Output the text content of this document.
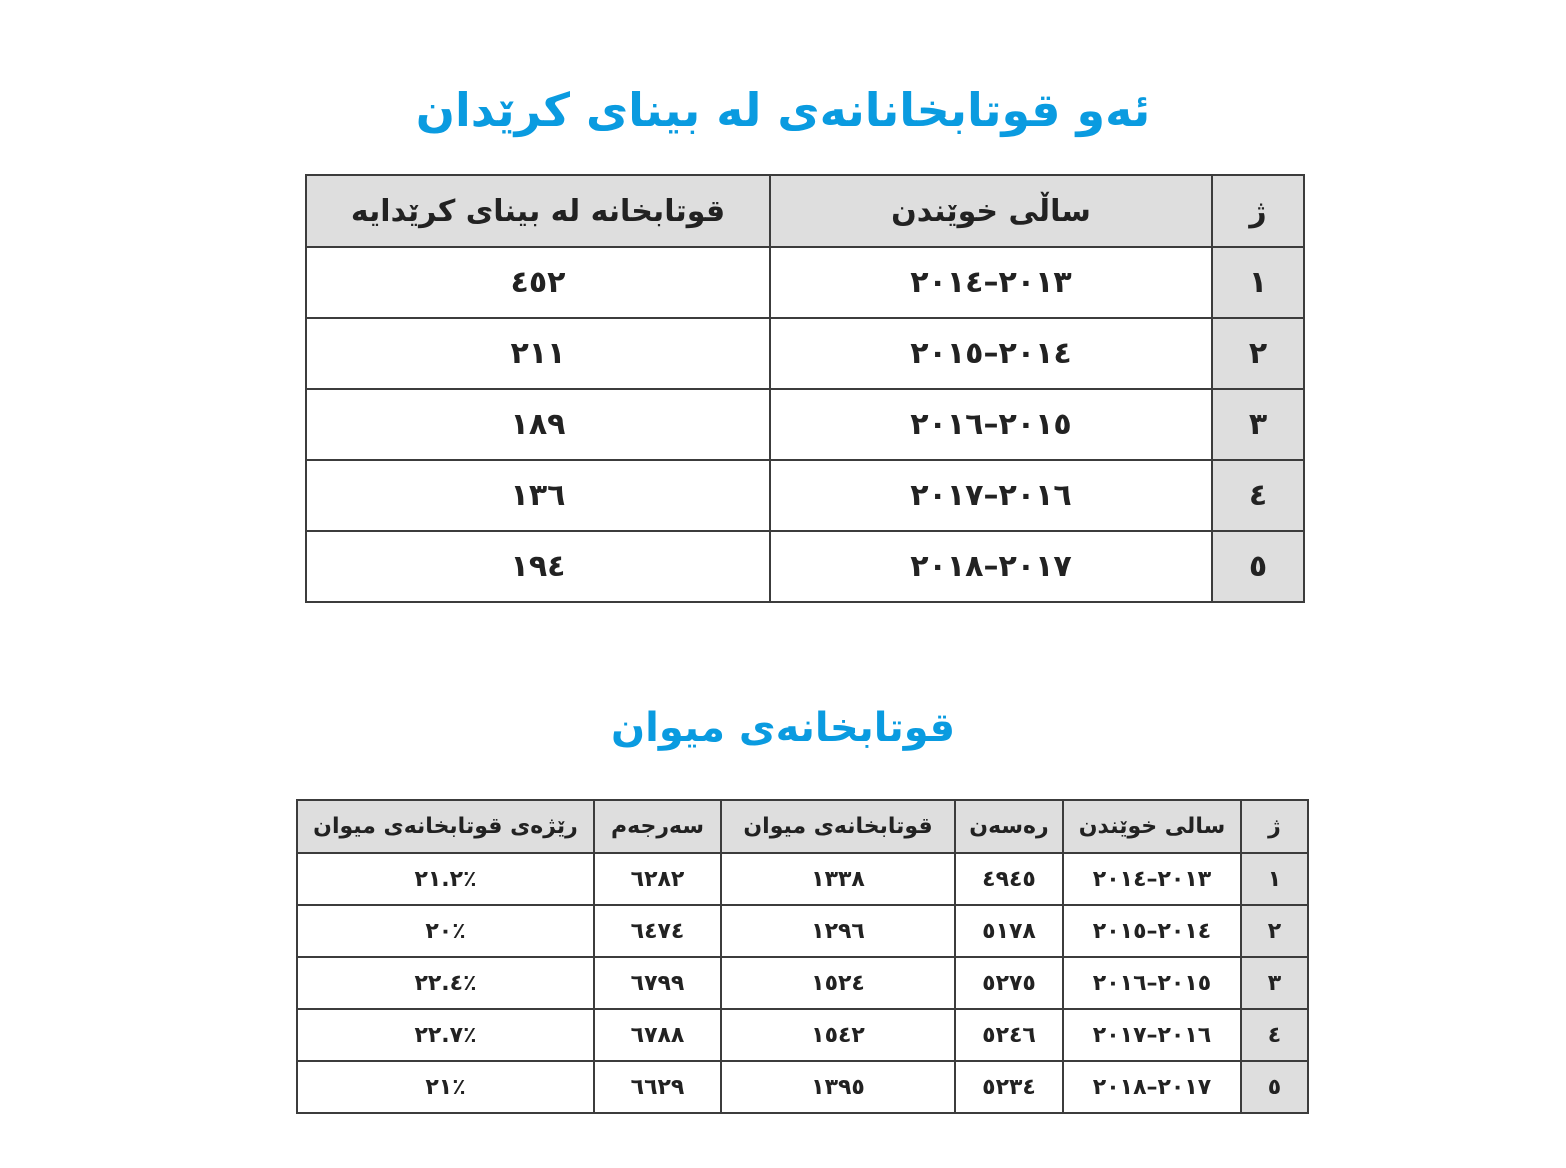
ئەو قوتابخانانەی لە بینای کرێدان
قوتابخانە لە بینای کرێدایە	ساڵی خوێندن	ژ
٤٥٢	٢٠١٣–٢٠١٤	١
٢١١	٢٠١٤–٢٠١٥	٢
١٨٩	٢٠١٥–٢٠١٦	٣
١٣٦	٢٠١٦–٢٠١٧	٤
١٩٤	٢٠١٧–٢٠١٨	٥
قوتابخانەی میوان
رێژەی قوتابخانەی میوان	سەرجەم	قوتابخانەی میوان	رەسەن	سالی خوێندن	ژ
٪٢١.٢	٦٢٨٢	١٣٣٨	٤٩٤٥	٢٠١٣–٢٠١٤	١
٪٢٠	٦٤٧٤	١٢٩٦	٥١٧٨	٢٠١٤–٢٠١٥	٢
٪٢٢.٤	٦٧٩٩	١٥٢٤	٥٢٧٥	٢٠١٥–٢٠١٦	٣
٪٢٢.٧	٦٧٨٨	١٥٤٢	٥٢٤٦	٢٠١٦–٢٠١٧	٤
٪٢١	٦٦٢٩	١٣٩٥	٥٢٣٤	٢٠١٧–٢٠١٨	٥
